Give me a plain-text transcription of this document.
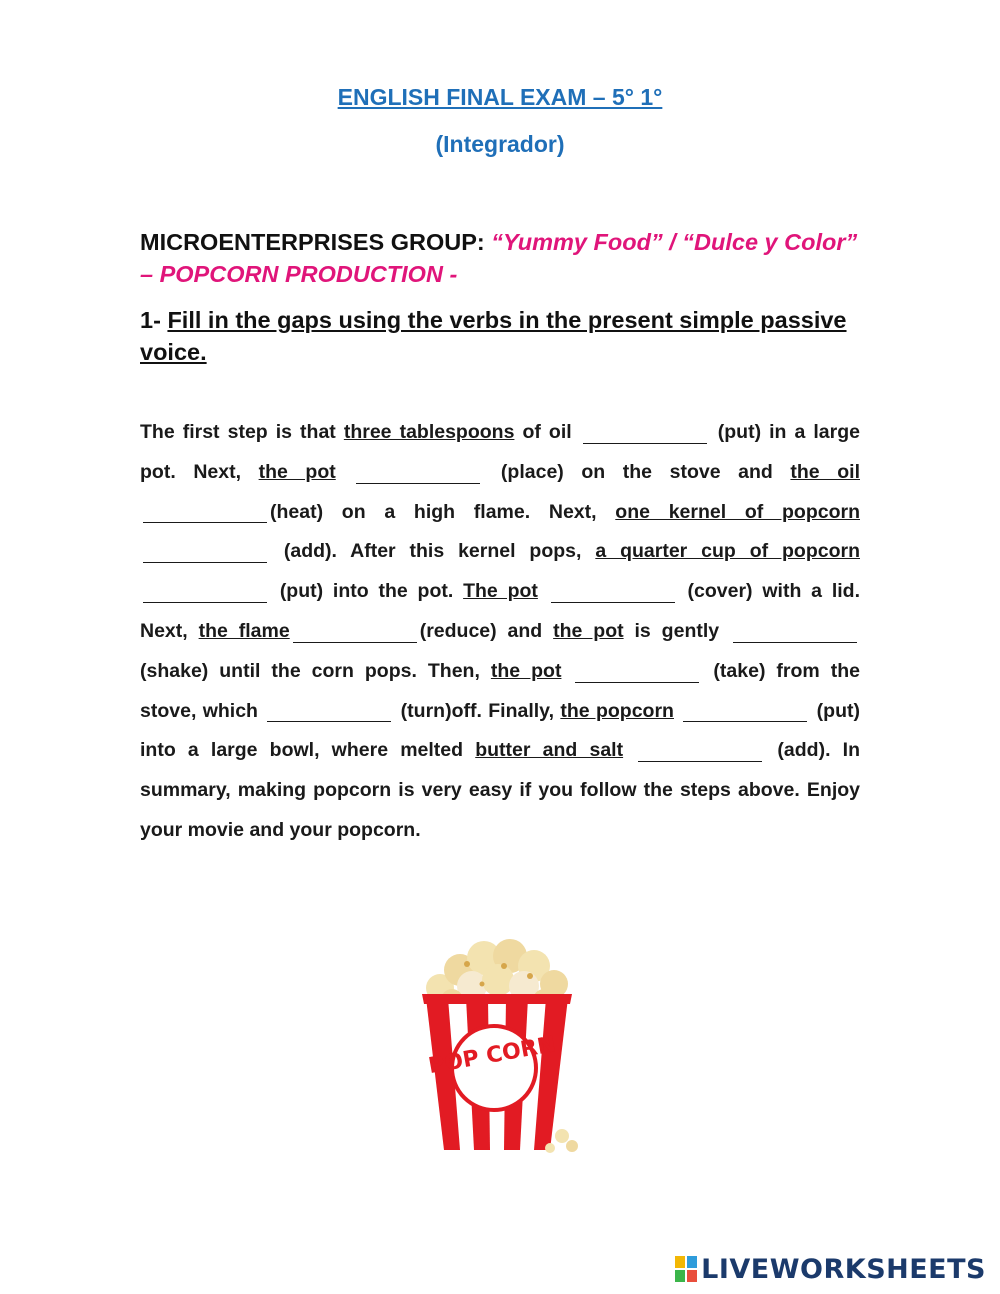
ENGLISH FINAL EXAM – 5° 1°
(Integrador)
MICROENTERPRISES GROUP: “Yummy Food” / “Dulce y Color” – POPCORN PRODUCTION -
1- Fill in the gaps using the verbs in the present simple passive voice.
The first step is that three tablespoons of oil	(put) in a large pot. Next, the pot	(place) on the stove and the oil (heat) on a high flame. Next, one kernel of popcorn  (add). After this kernel pops, a quarter cup of popcorn  (put) into the pot. The pot	(cover) with a lid. Next, the flame	(reduce) and the pot is gently  (shake) until the corn pops. Then, the pot	(take) from the stove, which	(turn)off. Finally, the popcorn	(put) into a large bowl, where melted butter and salt	(add). In summary, making popcorn is very easy if you follow the steps above. Enjoy your movie and your popcorn.
POP CORN
LIVEWORKSHEETS
